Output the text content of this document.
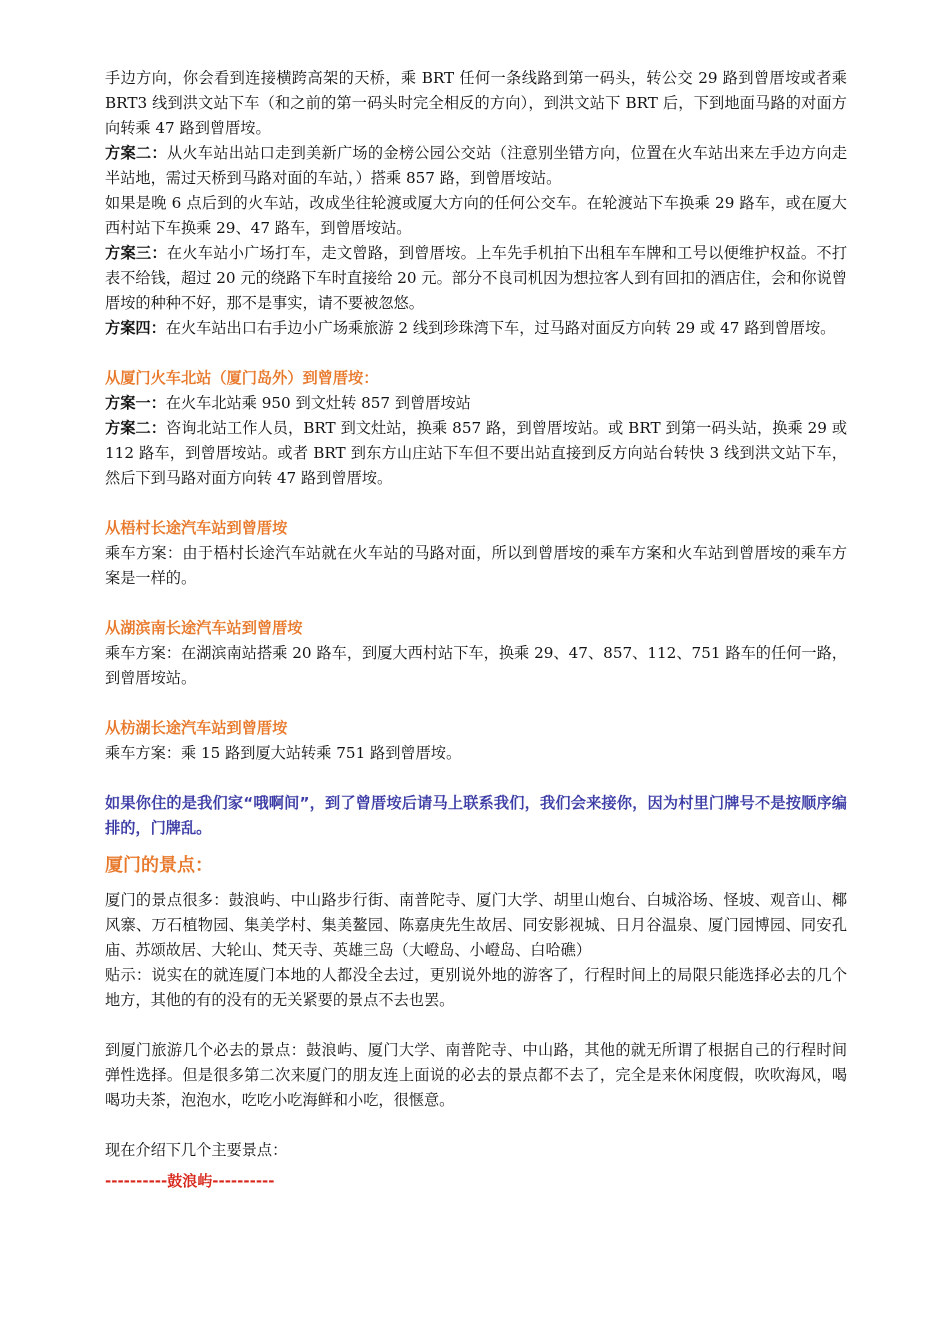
手边方向，你会看到连接横跨高架的天桥，乘 BRT 任何一条线路到第一码头，转公交 29 路到曾厝垵或者乘 BRT3 线到洪文站下车（和之前的第一码头时完全相反的方向），到洪文站下 BRT 后，下到地面马路的对面方向转乘 47 路到曾厝垵。

方案二：从火车站出站口走到美新广场的金榜公园公交站（注意别坐错方向，位置在火车站出来左手边方向走半站地，需过天桥到马路对面的车站，）搭乘 857 路，到曾厝垵站。

如果是晚 6 点后到的火车站，改成坐往轮渡或厦大方向的任何公交车。在轮渡站下车换乘 29 路车，或在厦大西村站下车换乘 29、47 路车，到曾厝垵站。

方案三：在火车站小广场打车，走文曾路，到曾厝垵。上车先手机拍下出租车车牌和工号以便维护权益。不打表不给钱，超过 20 元的绕路下车时直接给 20 元。部分不良司机因为想拉客人到有回扣的酒店住，会和你说曾厝垵的种种不好，那不是事实，请不要被忽悠。

方案四：在火车站出口右手边小广场乘旅游 2 线到珍珠湾下车，过马路对面反方向转 29 或 47 路到曾厝垵。

从厦门火车北站（厦门岛外）到曾厝垵：

方案一：在火车北站乘 950 到文灶转 857 到曾厝垵站

方案二：咨询北站工作人员，BRT 到文灶站，换乘 857 路，到曾厝垵站。或 BRT 到第一码头站，换乘 29 或 112 路车，到曾厝垵站。或者 BRT 到东方山庄站下车但不要出站直接到反方向站台转快 3 线到洪文站下车，然后下到马路对面方向转 47 路到曾厝垵。

从梧村长途汽车站到曾厝垵

乘车方案：由于梧村长途汽车站就在火车站的马路对面，所以到曾厝垵的乘车方案和火车站到曾厝垵的乘车方案是一样的。

从湖滨南长途汽车站到曾厝垵

乘车方案：在湖滨南站搭乘 20 路车，到厦大西村站下车，换乘 29、47、857、112、751 路车的任何一路，到曾厝垵站。

从枋湖长途汽车站到曾厝垵

乘车方案：乘 15 路到厦大站转乘 751 路到曾厝垵。

如果你住的是我们家“哦啊间”，到了曾厝垵后请马上联系我们，我们会来接你，因为村里门牌号不是按顺序编排的，门牌乱。

厦门的景点：

厦门的景点很多：鼓浪屿、中山路步行街、南普陀寺、厦门大学、胡里山炮台、白城浴场、怪坡、观音山、椰风寨、万石植物园、集美学村、集美鳌园、陈嘉庚先生故居、同安影视城、日月谷温泉、厦门园博园、同安孔庙、苏颂故居、大轮山、梵天寺、英雄三岛（大嶝岛、小嶝岛、白哈礁）

贴示：说实在的就连厦门本地的人都没全去过，更别说外地的游客了，行程时间上的局限只能选择必去的几个地方，其他的有的没有的无关紧要的景点不去也罢。

到厦门旅游几个必去的景点：鼓浪屿、厦门大学、南普陀寺、中山路，其他的就无所谓了根据自己的行程时间弹性选择。但是很多第二次来厦门的朋友连上面说的必去的景点都不去了，完全是来休闲度假，吹吹海风，喝喝功夫茶，泡泡水，吃吃小吃海鲜和小吃，很惬意。

现在介绍下几个主要景点：

----------鼓浪屿----------
